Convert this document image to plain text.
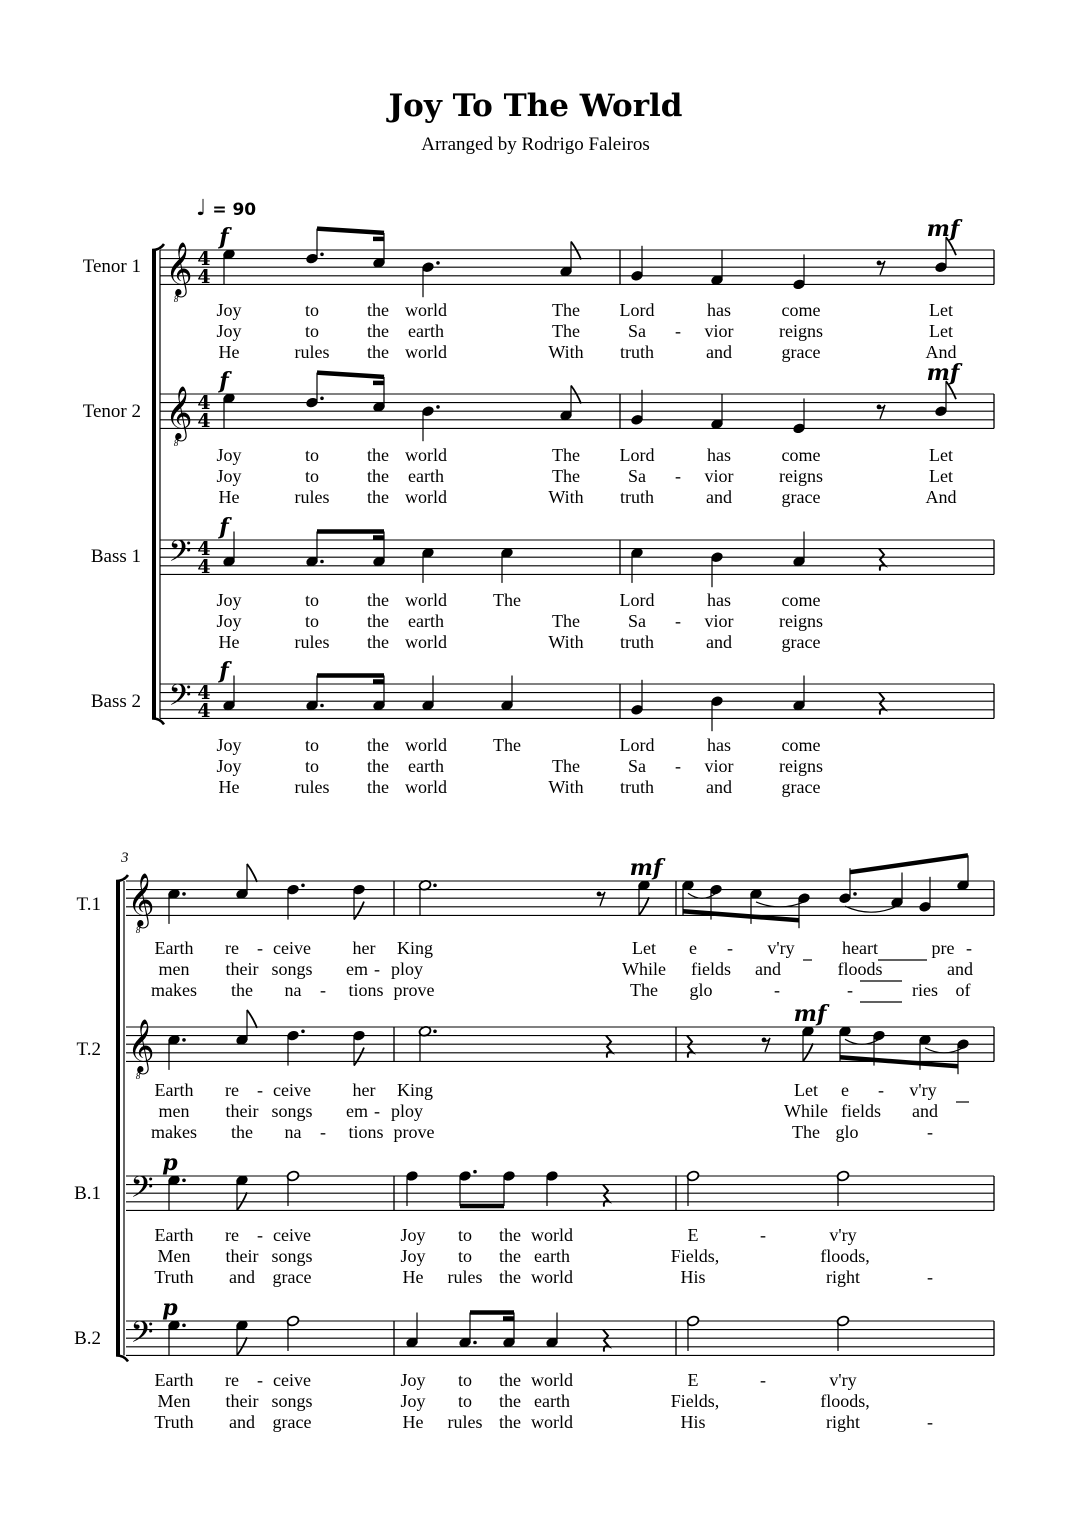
Joy To The World
Arranged by Rodrigo Faleiros
♩ = 90
3
Tenor 1 𝄞
8
4
4
Tenor 2 𝄞
8
4
4
Bass 1 𝄢 4
4
Bass 2 𝄢 4
4
f	mf
f	mf
f
f
Joy	to	the world	The Lord	has	come	Let
Joy	to	the earth	The	Sa - vior	reigns	Let
He	rules the world	With truth	and	grace	And
Joy	to	the world	The Lord	has	come	Let
Joy	to	the earth	The	Sa - vior	reigns	Let
He	rules the world	With truth	and	grace	And
Joy	to	the world	The	Lord	has	come
Joy	to	the earth	The	Sa - vior	reigns
He	rules the world	With truth	and	grace
Joy	to	the world	The	Lord	has	come
Joy	to	the earth	The	Sa - vior	reigns
He	rules the world	With truth	and	grace
T.1 𝄞
8
T.2 𝄞
8
B.1 𝄢
B.2 𝄢
mf
mf
p
p
Earth re - ceive her King	Let e - v'ry	heart	pre -
men their songs em - ploy	While fields and	floods	and
makes the na - tions prove	The glo	-	-	ries of
Earth re - ceive her King	Let e - v'ry
men their songs em - ploy	While fields and
makes the na - tions prove	The glo	-
Earth re - ceive	Joy to the world	E	-	v'ry
Men their songs	Joy to the earth	Fields,	floods,
Truth and grace	He rules the world	His	right	-
Earth re - ceive	Joy to the world	E	-	v'ry
Men their songs	Joy to the earth	Fields,	floods,
Truth and grace	He rules the world	His	right	-
